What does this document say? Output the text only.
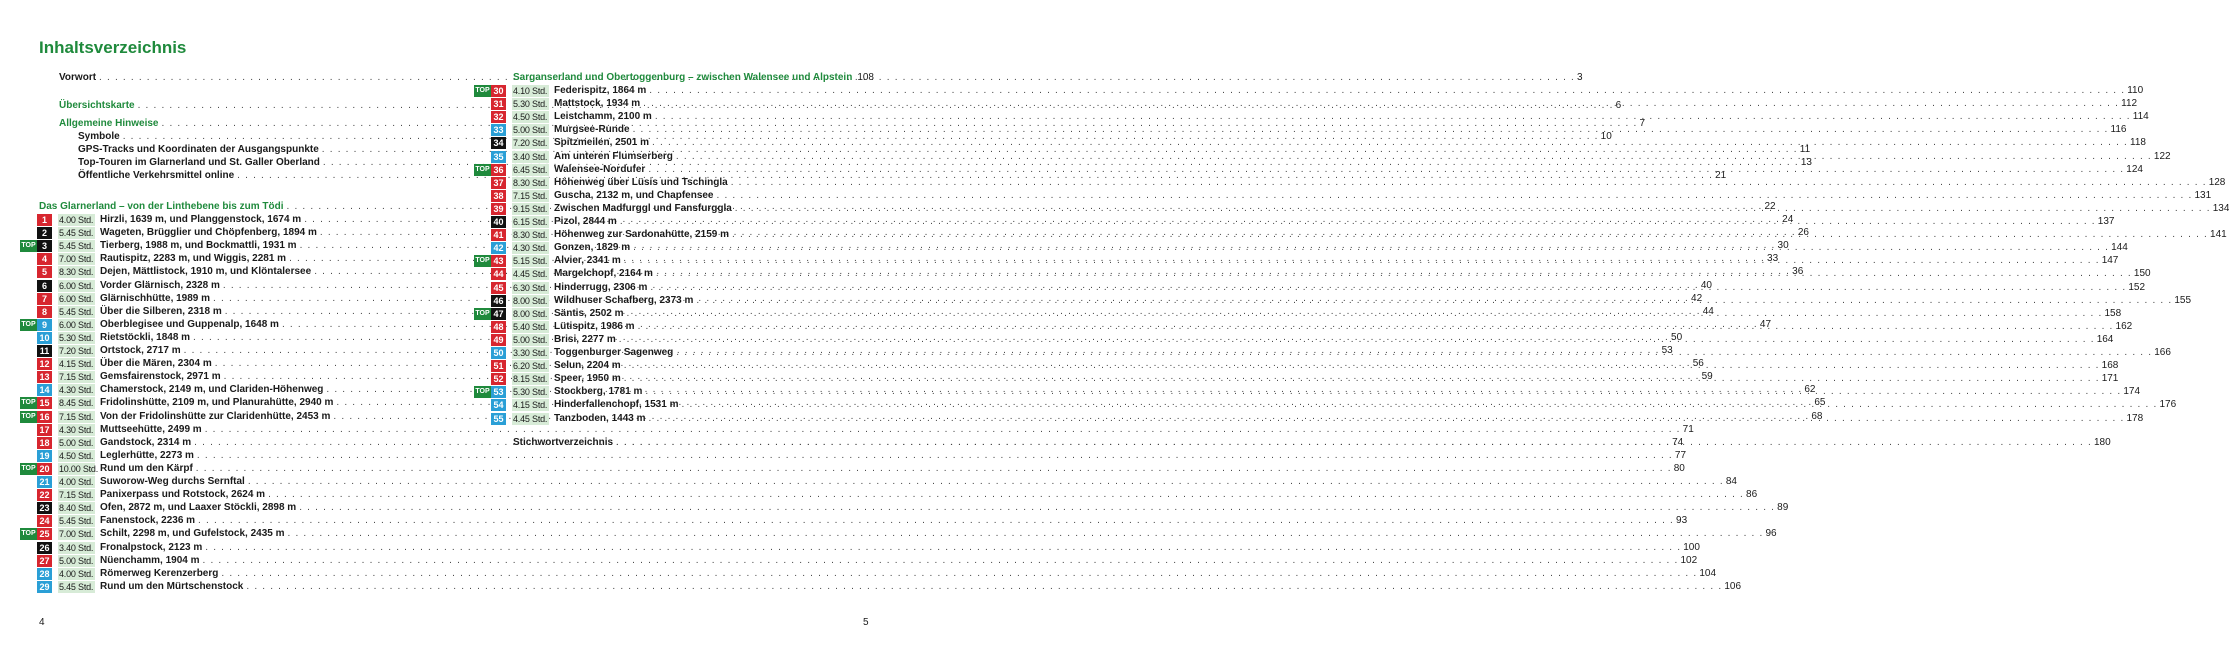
Inhaltsverzeichnis
Vorwort . . .	3
Übersichtskarte . . .	6
Allgemeine Hinweise . . .	7
Symbole . . .	10
GPS-Tracks und Koordinaten der Ausgangspunkte . . .	11
Top-Touren im Glarnerland und St. Galler Oberland . . .	13
Öffentliche Verkehrsmittel online . . .	21
Das Glarnerland – von der Linthebene bis zum Tödi . . .	22
1	4.00 Std. Hirzli, 1639 m, und Planggenstock, 1674 m . . .	24
2	5.45 Std. Wageten, Brügglier und Chöpfenberg, 1894 m . . .	26
TOP 3	5.45 Std. Tierberg, 1988 m, und Bockmattli, 1931 m . . .	30
4	7.00 Std. Rautispitz, 2283 m, und Wiggis, 2281 m . . .	33
5	8.30 Std. Dejen, Mättlistock, 1910 m, und Klöntalersee . . .	36
6	6.00 Std. Vorder Glärnisch, 2328 m . . .	40
7	6.00 Std. Glärnischhütte, 1989 m . . .	42
8	5.45 Std. Über die Silberen, 2318 m . . .	44
TOP 9	6.00 Std. Oberblegisee und Guppenalp, 1648 m . . .	47
10 5.30 Std. Rietstöckli, 1848 m . . .	50
11	7.20 Std. Ortstock, 2717 m . . .	53
12 4.15 Std. Über die Mären, 2304 m . . .	56
13 7.15 Std. Gemsfairenstock, 2971 m . . .	59
14 4.30 Std. Chamerstock, 2149 m, und Clariden-Höhenweg . . .	62
TOP 15 8.45 Std. Fridolinshütte, 2109 m, und Planurahütte, 2940 m . . .	65
TOP 16 7.15 Std. Von der Fridolinshütte zur Claridenhütte, 2453 m . . .	68
17 4.30 Std. Muttseehütte, 2499 m . . .	71
18 5.00 Std. Gandstock, 2314 m . . .	74
19 4.50 Std. Leglerhütte, 2273 m . . .	77
TOP 20 10.00 Std. Rund um den Kärpf . . .	80
21 4.00 Std. Suworow-Weg durchs Sernftal . . .	84
22 7.15 Std. Panixerpass und Rotstock, 2624 m . . .	86
23 8.40 Std. Ofen, 2872 m, und Laaxer Stöckli, 2898 m . . .	89
24 5.45 Std. Fanenstock, 2236 m . . .	93
TOP 25 7.00 Std. Schilt, 2298 m, und Gufelstock, 2435 m . . .	96
26 3.40 Std. Fronalpstock, 2123 m . . .	100
27 5.00 Std. Nüenchamm, 1904 m . . .	102
28 4.00 Std. Römerweg Kerenzerberg . . .	104
29 5.45 Std. Rund um den Mürtschenstock . . .	106
4
Sarganserland und Obertoggenburg – zwischen Walensee und Alpstein 108
TOP 30 4.10 Std. Federispitz, 1864 m . . .	110
31 5.30 Std. Mattstock, 1934 m . . .	112
32 4.50 Std. Leistchamm, 2100 m . . .	114
33 5.00 Std. Murgsee-Runde . . .	116
34 7.20 Std. Spitzmeilen, 2501 m . . .	118
35 3.40 Std. Am unteren Flumserberg . . .	122
TOP 36 6.45 Std. Walensee-Nordufer . . .	124
37 8.30 Std. Höhenweg über Lüsis und Tschingla . . .	128
38 7.15 Std. Guscha, 2132 m, und Chapfensee . . .	131
39 9.15 Std. Zwischen Madfurggl und Fansfurggla . . .	134
40 6.15 Std. Pizol, 2844 m . . .	137
41 8.30 Std. Höhenweg zur Sardonahütte, 2159 m . . .	141
42 4.30 Std. Gonzen, 1829 m . . .	144
TOP 43 5.15 Std. Alvier, 2341 m . . .	147
44 4.45 Std. Margelchopf, 2164 m . . .	150
45 6.30 Std. Hinderrugg, 2306 m . . .	152
46 8.00 Std. Wildhuser Schafberg, 2373 m . . .	155
TOP 47 8.00 Std. Säntis, 2502 m . . .	158
48 5.40 Std. Lütispitz, 1986 m . . .	162
49 5.00 Std. Brisi, 2277 m . . .	164
50 3.30 Std. Toggenburger Sagenweg . . .	166
51 6.20 Std. Selun, 2204 m . . .	168
52 8.15 Std. Speer, 1950 m . . .	171
TOP 53 5.30 Std. Stockberg, 1781 m . . .	174
54 4.15 Std. Hinderfallenchopf, 1531 m . . .	176
55 4.45 Std. Tanzboden, 1443 m . . .	178
Stichwortverzeichnis . . .	180
5
